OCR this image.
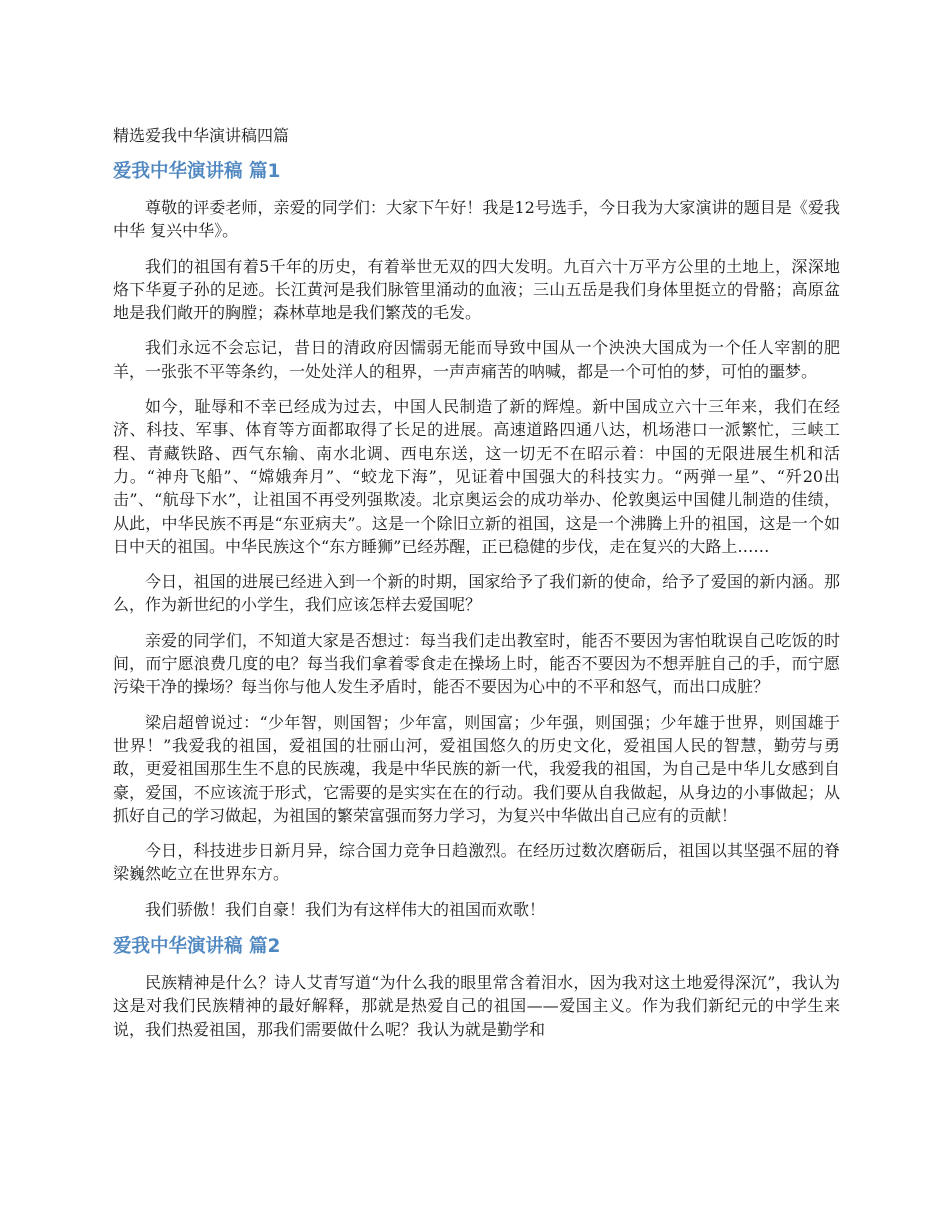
精选爱我中华演讲稿四篇
爱我中华演讲稿 篇1

尊敬的评委老师，亲爱的同学们：大家下午好！我是12号选手，今日我为大家演讲的题目是《爱我中华 复兴中华》。

我们的祖国有着5千年的历史，有着举世无双的四大发明。九百六十万平方公里的土地上，深深地烙下华夏子孙的足迹。长江黄河是我们脉管里涌动的血液；三山五岳是我们身体里挺立的骨骼；高原盆地是我们敞开的胸膛；森林草地是我们繁茂的毛发。

我们永远不会忘记，昔日的清政府因懦弱无能而导致中国从一个泱泱大国成为一个任人宰割的肥羊，一张张不平等条约，一处处洋人的租界，一声声痛苦的呐喊，都是一个可怕的梦，可怕的噩梦。

如今，耻辱和不幸已经成为过去，中国人民制造了新的辉煌。新中国成立六十三年来，我们在经济、科技、军事、体育等方面都取得了长足的进展。高速道路四通八达，机场港口一派繁忙，三峡工程、青藏铁路、西气东输、南水北调、西电东送，这一切无不在昭示着：中国的无限进展生机和活力。“神舟飞船”、“嫦娥奔月”、“蛟龙下海”，见证着中国强大的科技实力。“两弹一星”、“歼20出击”、“航母下水”，让祖国不再受列强欺凌。北京奥运会的成功举办、伦敦奥运中国健儿制造的佳绩，从此，中华民族不再是“东亚病夫”。这是一个除旧立新的祖国，这是一个沸腾上升的祖国，这是一个如日中天的祖国。中华民族这个“东方睡狮”已经苏醒，正已稳健的步伐，走在复兴的大路上……

今日，祖国的进展已经进入到一个新的时期，国家给予了我们新的使命，给予了爱国的新内涵。那么，作为新世纪的小学生，我们应该怎样去爱国呢？

亲爱的同学们，不知道大家是否想过：每当我们走出教室时，能否不要因为害怕耽误自己吃饭的时间，而宁愿浪费几度的电？每当我们拿着零食走在操场上时，能否不要因为不想弄脏自己的手，而宁愿污染干净的操场？每当你与他人发生矛盾时，能否不要因为心中的不平和怒气，而出口成脏？

梁启超曾说过：“少年智，则国智；少年富，则国富；少年强，则国强；少年雄于世界，则国雄于世界！”我爱我的祖国，爱祖国的壮丽山河，爱祖国悠久的历史文化，爱祖国人民的智慧，勤劳与勇敢，更爱祖国那生生不息的民族魂，我是中华民族的新一代，我爱我的祖国，为自己是中华儿女感到自豪，爱国，不应该流于形式，它需要的是实实在在的行动。我们要从自我做起，从身边的小事做起；从抓好自己的学习做起，为祖国的繁荣富强而努力学习，为复兴中华做出自己应有的贡献！

今日，科技进步日新月异，综合国力竞争日趋激烈。在经历过数次磨砺后，祖国以其坚强不屈的脊梁巍然屹立在世界东方。

我们骄傲！我们自豪！我们为有这样伟大的祖国而欢歌！

爱我中华演讲稿 篇2

民族精神是什么？诗人艾青写道“为什么我的眼里常含着泪水，因为我对这土地爱得深沉”，我认为这是对我们民族精神的最好解释，那就是热爱自己的祖国——爱国主义。作为我们新纪元的中学生来说，我们热爱祖国，那我们需要做什么呢？我认为就是勤学和
